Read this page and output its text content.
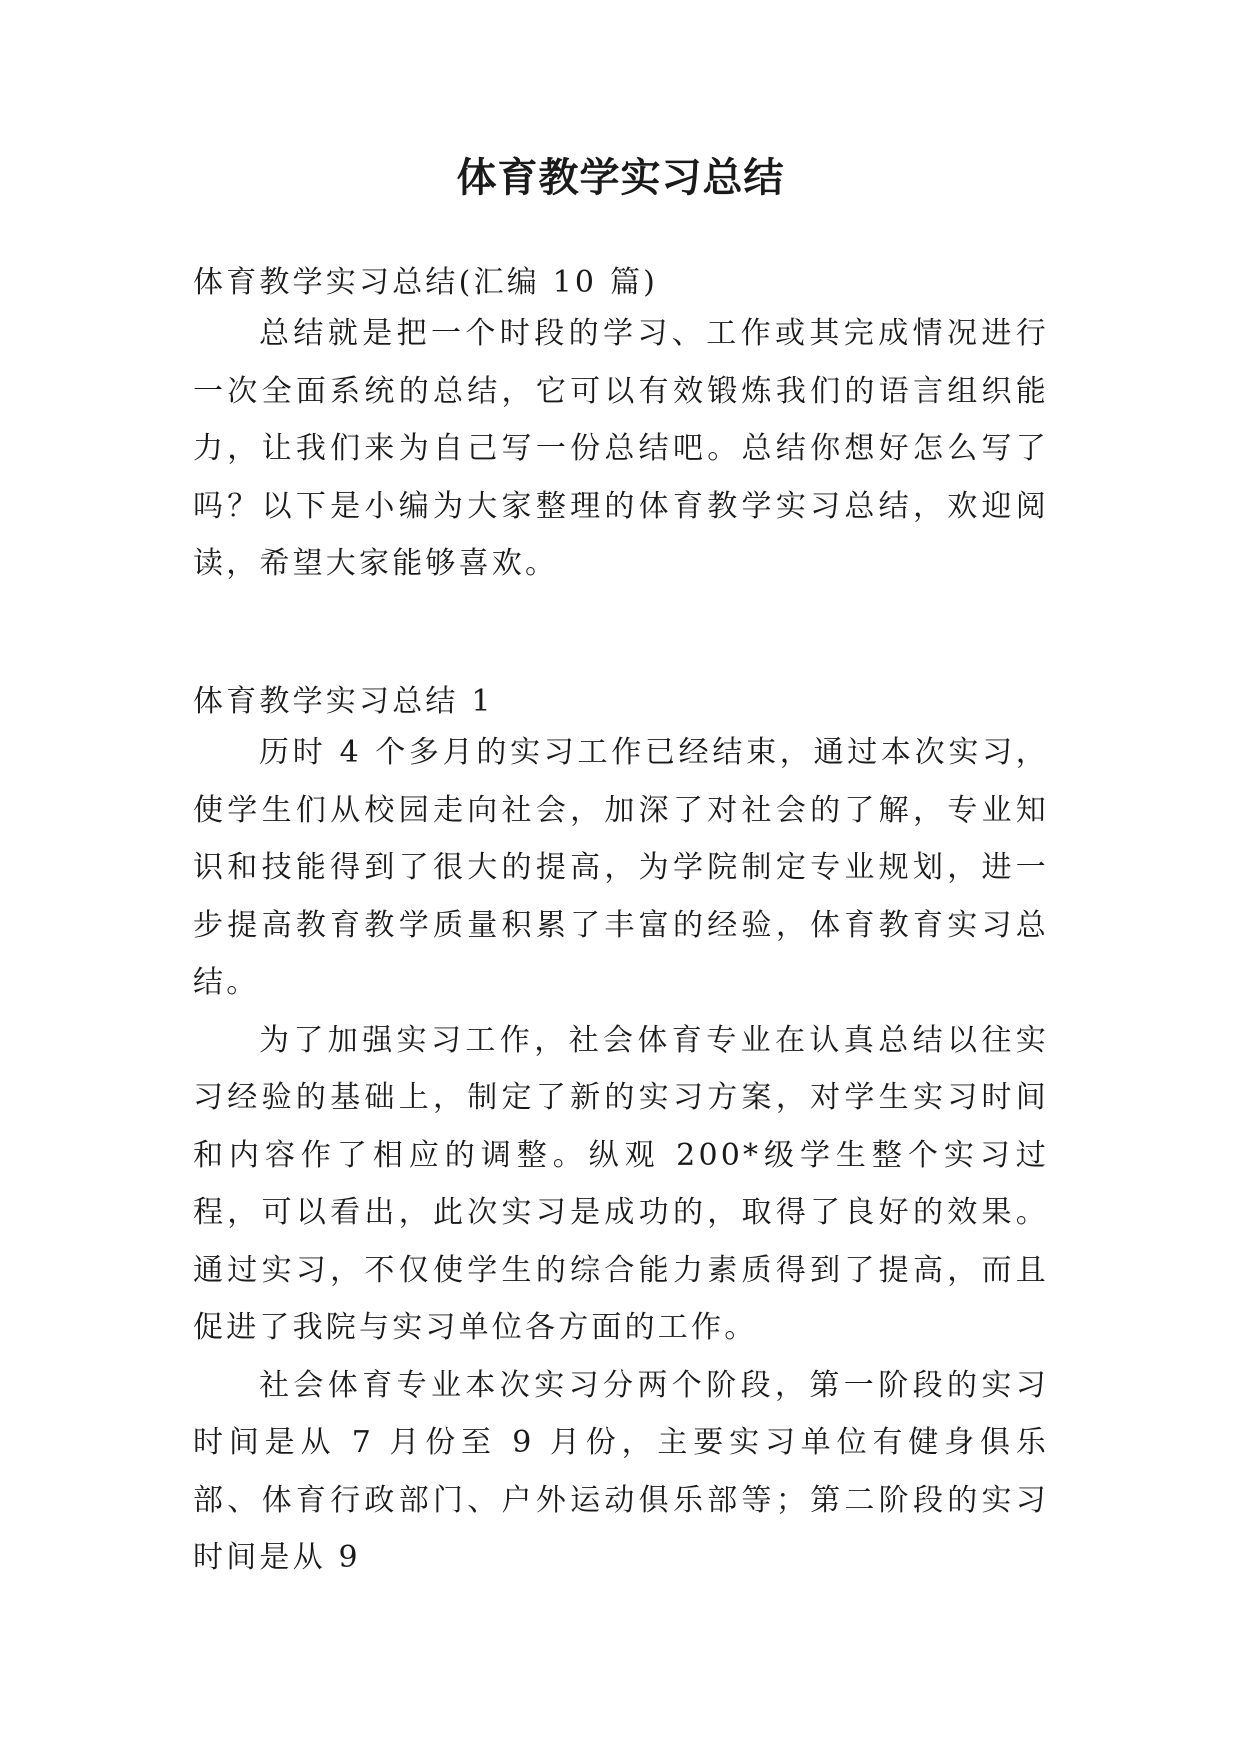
体育教学实习总结
体育教学实习总结(汇编 10 篇)

总结就是把一个时段的学习、工作或其完成情况进行一次全面系统的总结，它可以有效锻炼我们的语言组织能力，让我们来为自己写一份总结吧。总结你想好怎么写了吗？以下是小编为大家整理的体育教学实习总结，欢迎阅读，希望大家能够喜欢。

体育教学实习总结 1

历时 4 个多月的实习工作已经结束，通过本次实习，使学生们从校园走向社会，加深了对社会的了解，专业知识和技能得到了很大的提高，为学院制定专业规划，进一步提高教育教学质量积累了丰富的经验，体育教育实习总结。

为了加强实习工作，社会体育专业在认真总结以往实习经验的基础上，制定了新的实习方案，对学生实习时间和内容作了相应的调整。纵观 200*级学生整个实习过程，可以看出，此次实习是成功的，取得了良好的效果。通过实习，不仅使学生的综合能力素质得到了提高，而且促进了我院与实习单位各方面的工作。

社会体育专业本次实习分两个阶段，第一阶段的实习时间是从 7 月份至 9 月份，主要实习单位有健身俱乐部、体育行政部门、户外运动俱乐部等；第二阶段的实习时间是从 9
